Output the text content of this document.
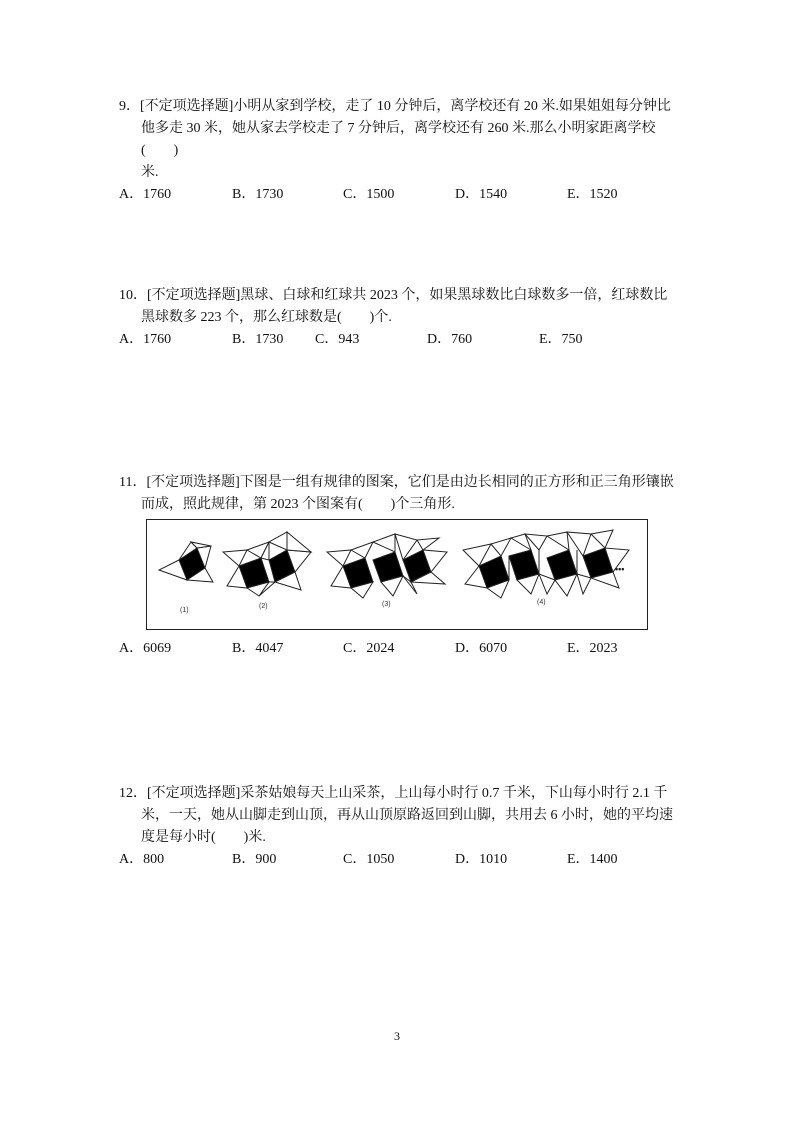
9．[不定项选择题]小明从家到学校，走了 10 分钟后，离学校还有 20 米.如果姐姐每分钟比
他多走 30 米，她从家去学校走了 7 分钟后，离学校还有 260 米.那么小明家距离学校(　　)
米.
A．1760	B．1730	C．1500	D．1540	E．1520
10．[不定项选择题]黑球、白球和红球共 2023 个，如果黑球数比白球数多一倍，红球数比
黑球数多 223 个，那么红球数是(　　)个.
A．1760	B．1730 C．943	D．760	E．750
11．[不定项选择题]下图是一组有规律的图案，它们是由边长相同的正方形和正三角形镶嵌
而成，照此规律，第 2023 个图案有(　　)个三角形.
(1)
(2)	(3)	(4)
•••
A．6069	B．4047	C．2024	D．6070	E．2023
12．[不定项选择题]采茶姑娘每天上山采茶，上山每小时行 0.7 千米，下山每小时行 2.1 千
米，一天，她从山脚走到山顶，再从山顶原路返回到山脚，共用去 6 小时，她的平均速
度是每小时(　　)米.
A．800	B．900	C．1050	D．1010	E．1400
3
